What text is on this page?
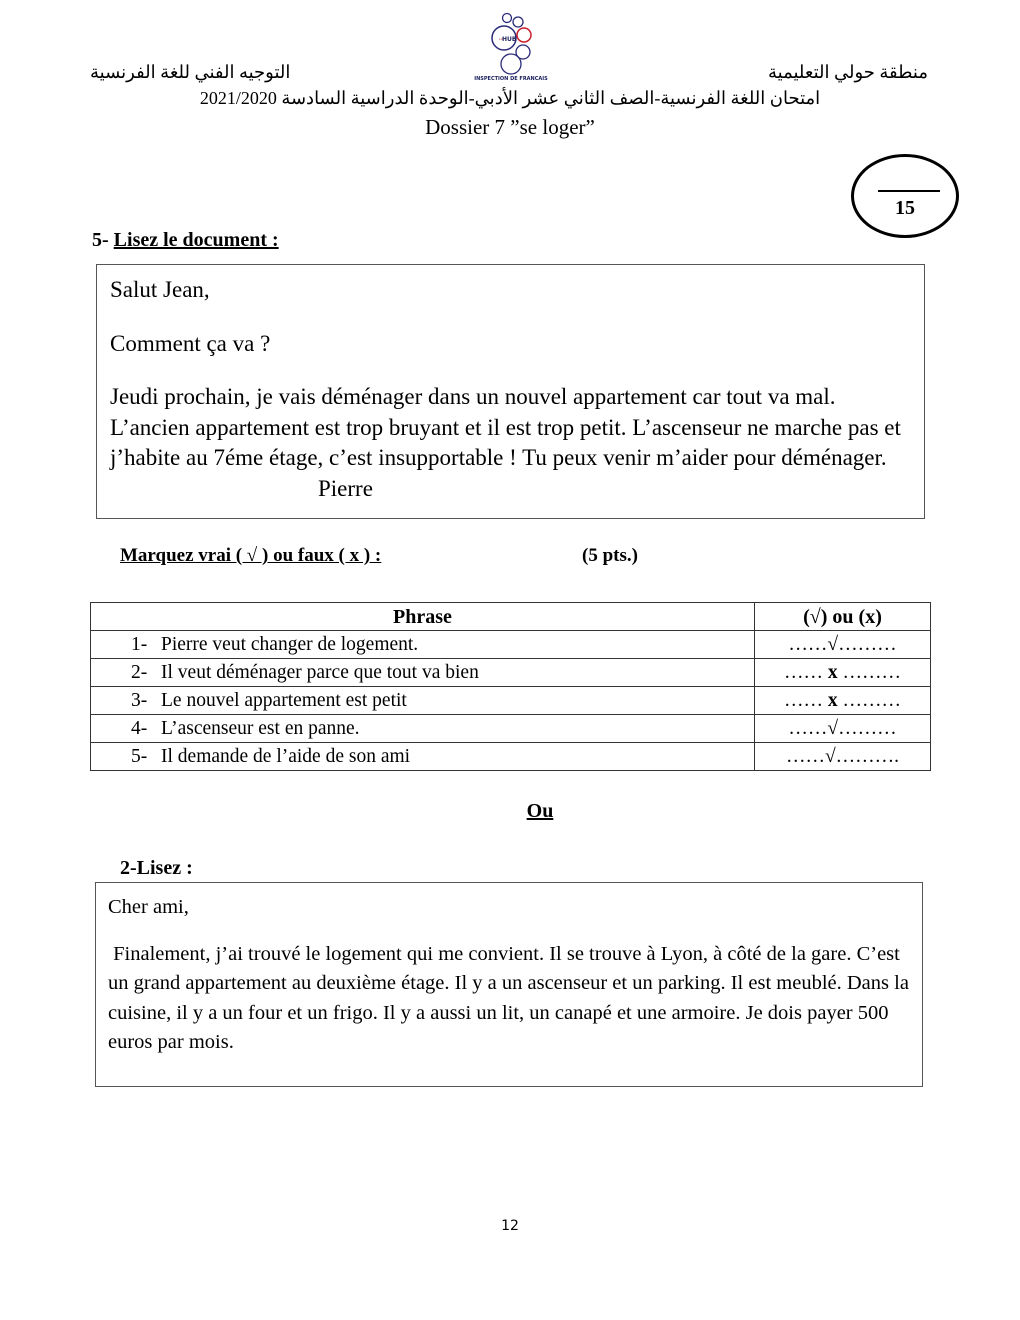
منطقة حولي التعليمية
التوجيه الفني للغة الفرنسية
LA HUB
INSPECTION DE FRANCAIS
امتحان اللغة الفرنسية-الصف الثاني عشر الأدبي-الوحدة الدراسية السادسة 2021/2020
Dossier 7 ”se loger”
15
5- Lisez le document :

Salut Jean,

Comment ça va ?

Jeudi prochain, je vais déménager dans un nouvel appartement car tout va mal. L’ancien appartement est trop bruyant et il est trop petit. L’ascenseur ne marche pas et j’habite au 7éme étage, c’est insupportable ! Tu peux venir m’aider pour déménager.Pierre

Marquez vrai ( √ ) ou faux ( x ) :	(5 pts.)
Phrase	(√) ou (x)
1- Pierre veut changer de logement.	……√………
2- Il veut déménager parce que tout va bien	…… x ………
3- Le nouvel appartement est petit	…… x ………
4- L’ascenseur est en panne.	……√………
5- Il demande de l’aide de son ami	……√……….
Ou
2-Lisez :

Cher ami,

Finalement, j’ai trouvé le logement qui me convient. Il se trouve à Lyon, à côté de la gare. C’est un grand appartement au deuxième étage. Il y a un ascenseur et un parking. Il est meublé. Dans la cuisine, il y a un four et un frigo. Il y a aussi un lit, un canapé et une armoire. Je dois payer 500 euros par mois.

12
